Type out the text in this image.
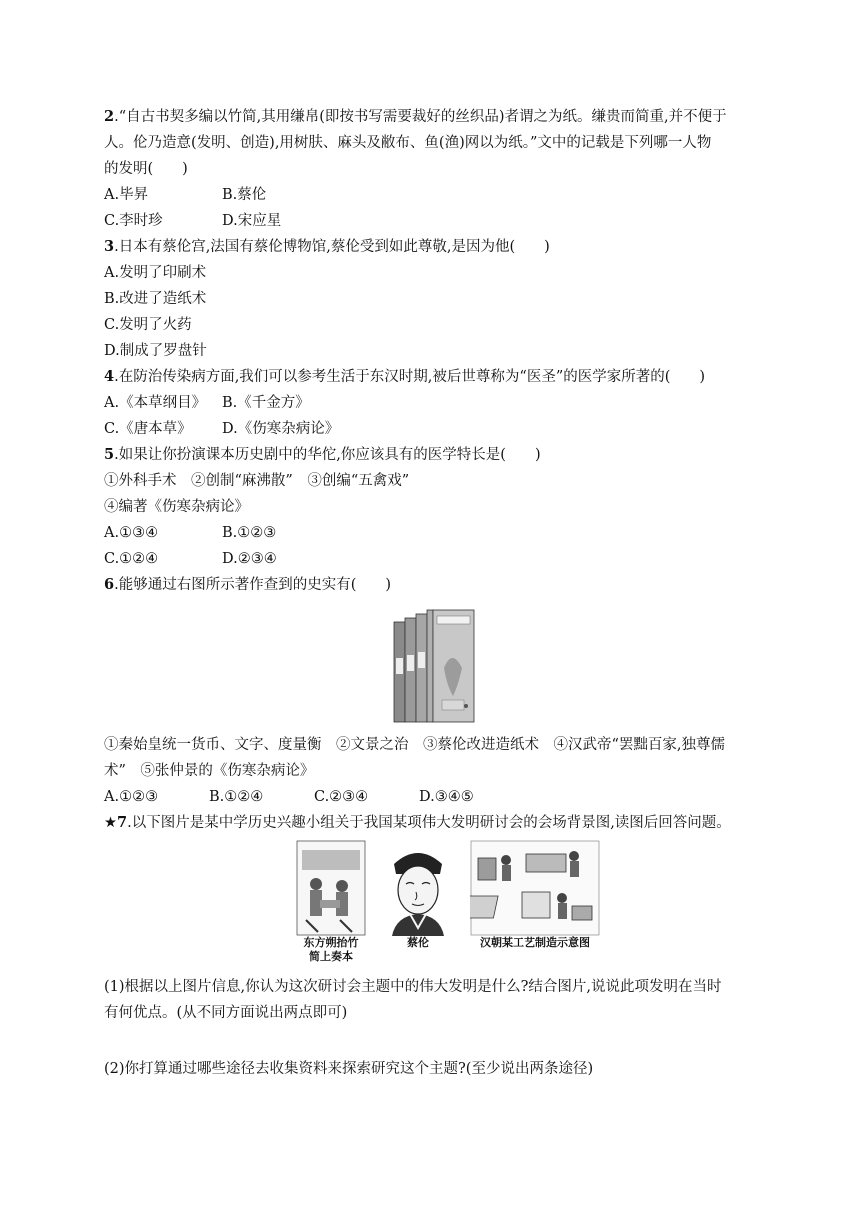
2.“自古书契多编以竹简,其用缣帛(即按书写需要裁好的丝织品)者谓之为纸。缣贵而简重,并不便于
人。伦乃造意(发明、创造),用树肤、麻头及敝布、鱼(渔)网以为纸。”文中的记载是下列哪一人物
的发明(　　)
A.毕昇	B.蔡伦
C.李时珍	D.宋应星
3.日本有蔡伦宫,法国有蔡伦博物馆,蔡伦受到如此尊敬,是因为他(　　)
A.发明了印刷术
B.改进了造纸术
C.发明了火药
D.制成了罗盘针
4.在防治传染病方面,我们可以参考生活于东汉时期,被后世尊称为“医圣”的医学家所著的(　　)
A.《本草纲目》	B.《千金方》
C.《唐本草》	D.《伤寒杂病论》
5.如果让你扮演课本历史剧中的华佗,你应该具有的医学特长是(　　)
①外科手术　②创制“麻沸散”　③创编“五禽戏”
④编著《伤寒杂病论》
A.①③④	B.①②③
C.①②④	D.②③④
6.能够通过右图所示著作查到的史实有(　　)
①秦始皇统一货币、文字、度量衡　②文景之治　③蔡伦改进造纸术　④汉武帝“罢黜百家,独尊儒
术”　⑤张仲景的《伤寒杂病论》
A.①②③	B.①②④	C.②③④	D.③④⑤
★7.以下图片是某中学历史兴趣小组关于我国某项伟大发明研讨会的会场背景图,读图后回答问题。
东方朔抬竹
简上奏本
蔡伦	汉朝某工艺制造示意图
(1)根据以上图片信息,你认为这次研讨会主题中的伟大发明是什么?结合图片,说说此项发明在当时
有何优点。(从不同方面说出两点即可)
(2)你打算通过哪些途径去收集资料来探索研究这个主题?(至少说出两条途径)
